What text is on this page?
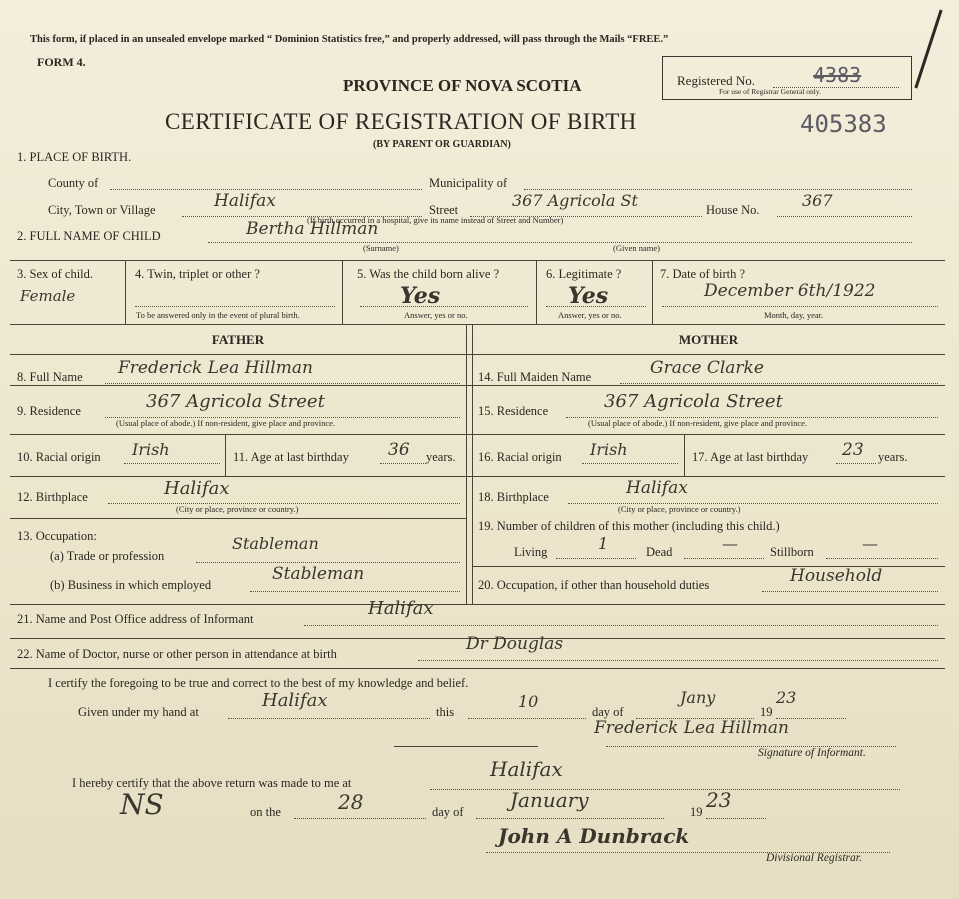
This form, if placed in an unsealed envelope marked “ Dominion Statistics free,” and properly addressed, will pass through the Mails “FREE.”
FORM 4.
PROVINCE OF NOVA SCOTIA
CERTIFICATE OF REGISTRATION OF BIRTH
(BY PARENT OR GUARDIAN)
Registered No.	4383
For use of Registrar General only.
405383
1. PLACE OF BIRTH.
County of	Municipality of
City, Town or Village	Halifax	Street	367 Agricola St	House No.	367
(If birth occurred in a hospital, give its name instead of Street and Number)
2. FULL NAME OF CHILD	Bertha Hillman
(Surname)	(Given name)
3. Sex of child.
Female
4. Twin, triplet or other ?
To be answered only in the event of plural birth.
5. Was the child born alive ?
Yes
Answer, yes or no.
6. Legitimate ?
Yes
Answer, yes or no.
7. Date of birth ?
December 6th/1922
Month, day, year.
FATHER	MOTHER
8. Full Name Frederick Lea Hillman
9. Residence	367 Agricola Street
(Usual place of abode.) If non-resident, give place and province.
10. Racial origin Irish	11. Age at last birthday 36 years.
12. Birthplace	Halifax
(City or place, province or country.)
13. Occupation:
(a) Trade or profession
Stableman
(b) Business in which employed
Stableman
14. Full Maiden Name	Grace Clarke
15. Residence	367 Agricola Street
(Usual place of abode.) If non-resident, give place and province.
16. Racial origin Irish	17. Age at last birthday 23 years.
18. Birthplace	Halifax
(City or place, province or country.)
19. Number of children of this mother (including this child.)
Living	1	Dead	—	Stillborn	—
20. Occupation, if other than household duties	Household
21. Name and Post Office address of Informant	Halifax
22. Name of Doctor, nurse or other person in attendance at birth	Dr Douglas
I certify the foregoing to be true and correct to the best of my knowledge and belief.
Given under my hand at
Halifax
this
10
day of
Jany
19
23
Frederick Lea Hillman
Signature of Informant.
I hereby certify that the above return was made to me at
Halifax
NS	on the	28	day of January	19 23
John A Dunbrack
Divisional Registrar.
